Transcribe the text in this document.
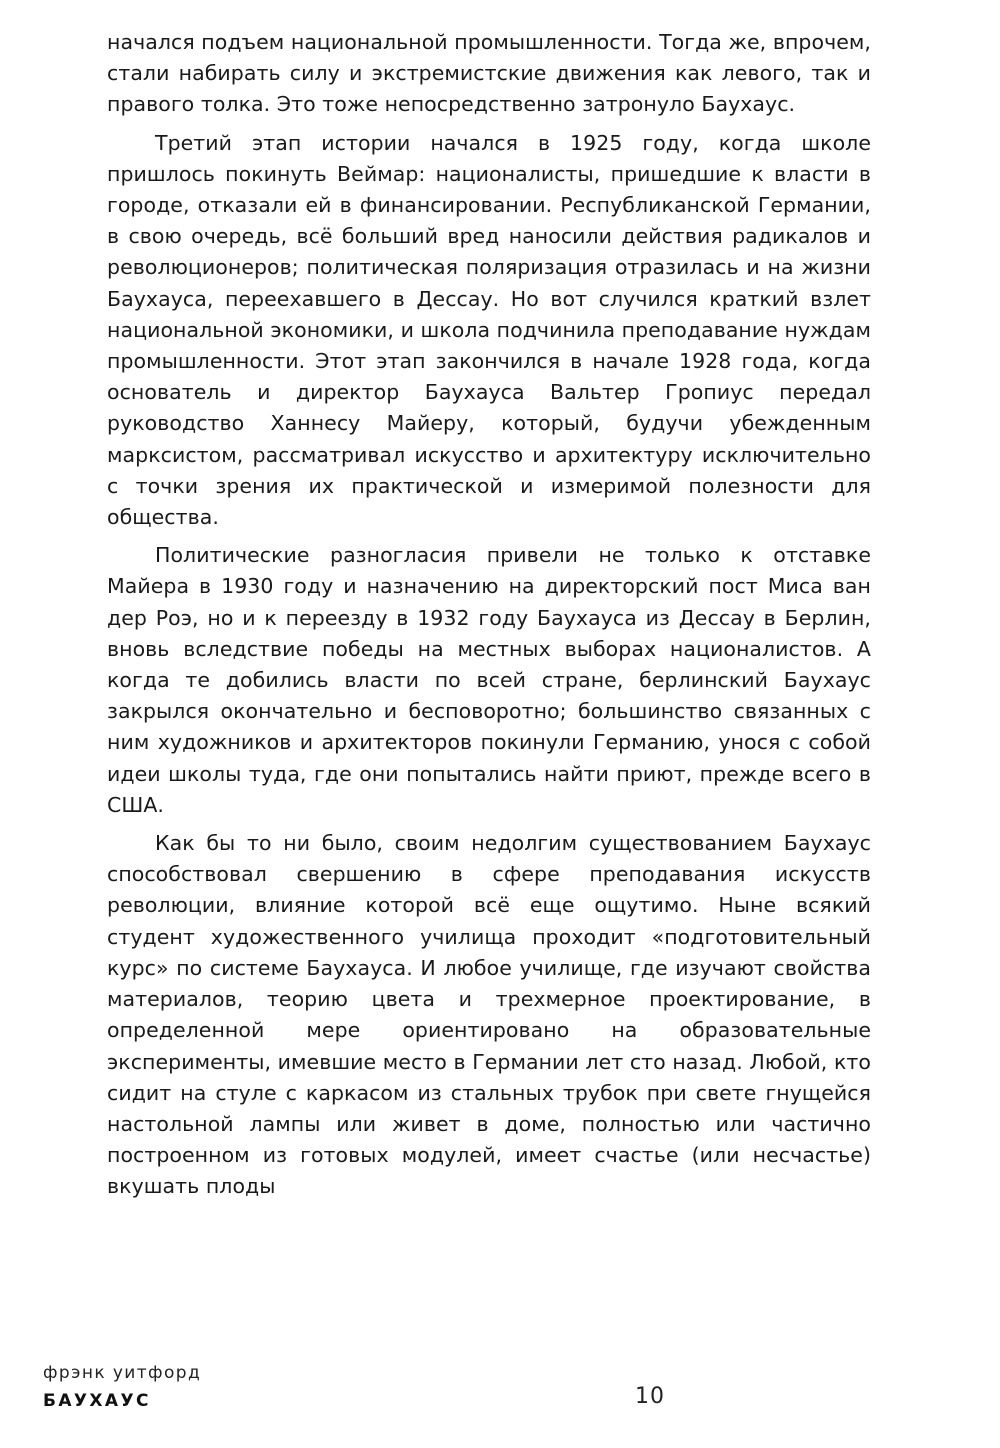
начался подъем национальной промышленности. Тогда же, впрочем, стали набирать силу и экстремистские движения как левого, так и правого толка. Это тоже непосредственно затронуло Баухаус.

Третий этап истории начался в 1925 году, когда школе пришлось покинуть Веймар: националисты, пришедшие к власти в городе, отказали ей в финансировании. Республиканской Германии, в свою очередь, всё больший вред наносили действия радикалов и революционеров; политическая поляризация отразилась и на жизни Баухауса, переехавшего в Дессау. Но вот случился краткий взлет национальной экономики, и школа подчинила преподавание нуждам промышленности. Этот этап закончился в начале 1928 года, когда основатель и директор Баухауса Вальтер Гропиус передал руководство Ханнесу Майеру, который, будучи убежденным марксистом, рассматривал искусство и архитектуру исключительно с точки зрения их практической и измеримой полезности для общества.

Политические разногласия привели не только к отставке Майера в 1930 году и назначению на директорский пост Миса ван дер Роэ, но и к переезду в 1932 году Баухауса из Дессау в Берлин, вновь вследствие победы на местных выборах националистов. А когда те добились власти по всей стране, берлинский Баухаус закрылся окончательно и бесповоротно; большинство связанных с ним художников и архитекторов покинули Германию, унося с собой идеи школы туда, где они попытались найти приют, прежде всего в США.

Как бы то ни было, своим недолгим существованием Баухаус способствовал свершению в сфере преподавания искусств революции, влияние которой всё еще ощутимо. Ныне всякий студент художественного училища проходит «подготовительный курс» по системе Баухауса. И любое училище, где изучают свойства материалов, теорию цвета и трехмерное проектирование, в определенной мере ориентировано на образовательные эксперименты, имевшие место в Германии лет сто назад. Любой, кто сидит на стуле с каркасом из стальных трубок при свете гнущейся настольной лампы или живет в доме, полностью или частично построенном из готовых модулей, имеет счастье (или несчастье) вкушать плоды

фрэнк уитфорд
БАУХАУС	10
